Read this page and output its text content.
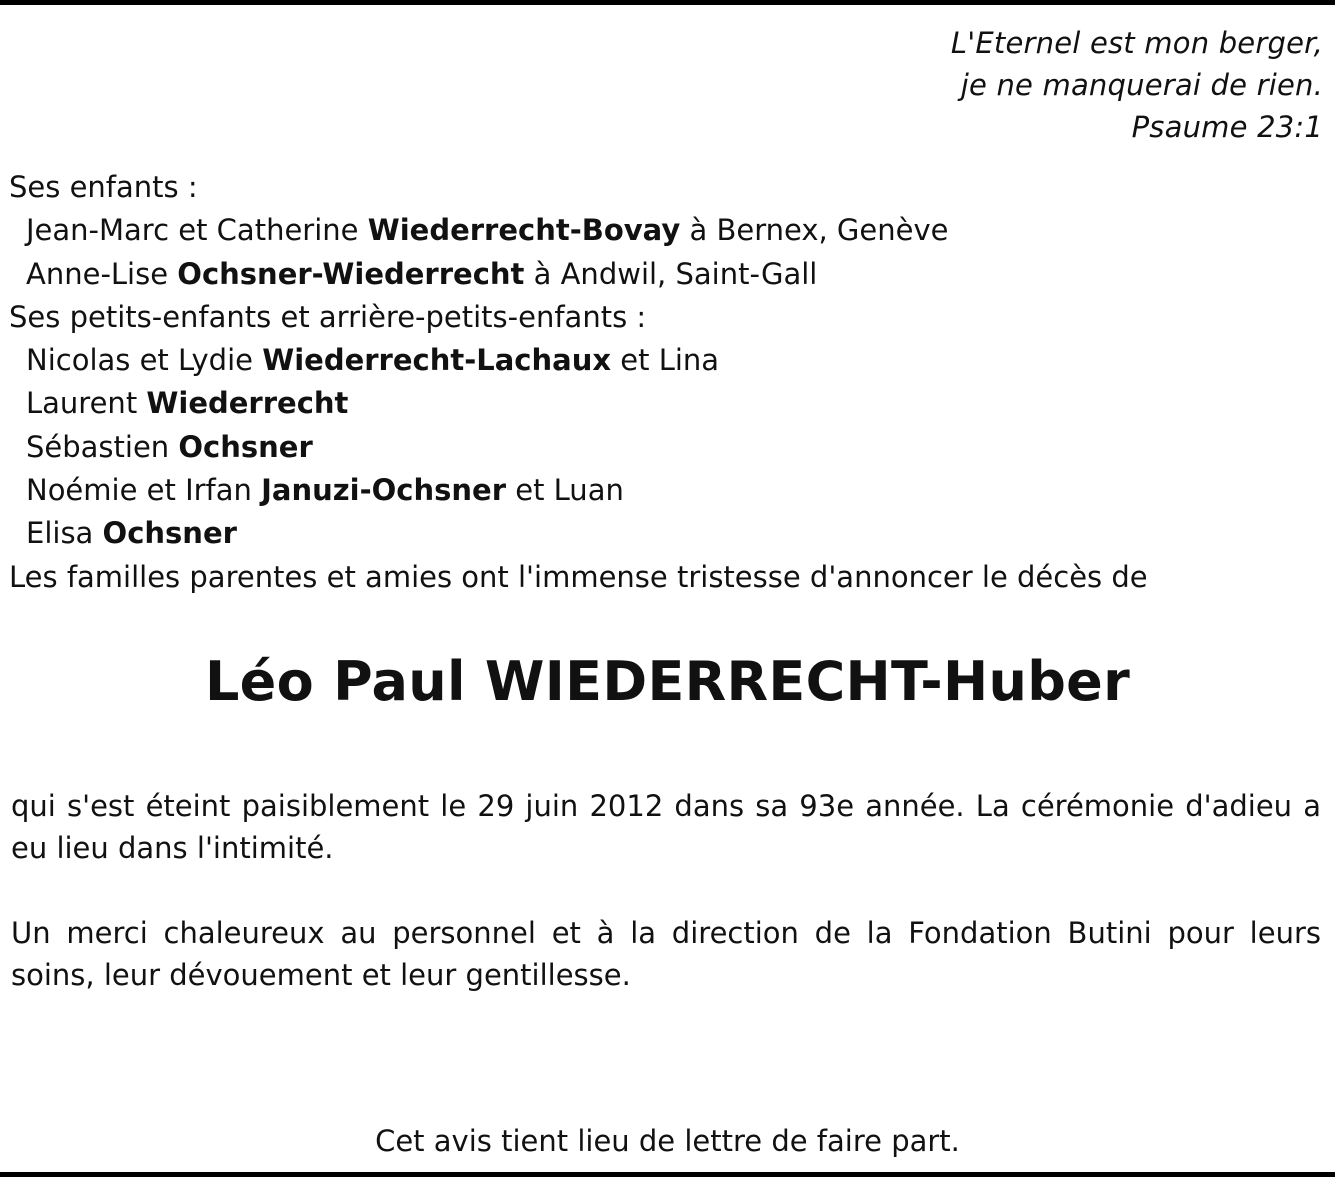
L'Eternel est mon berger,
je ne manquerai de rien.
Psaume 23:1
Ses enfants :
Jean-Marc et Catherine Wiederrecht-Bovay à Bernex, Genève
Anne-Lise Ochsner-Wiederrecht à Andwil, Saint-Gall
Ses petits-enfants et arrière-petits-enfants :
Nicolas et Lydie Wiederrecht-Lachaux et Lina
Laurent Wiederrecht
Sébastien Ochsner
Noémie et Irfan Januzi-Ochsner et Luan
Elisa Ochsner
Les familles parentes et amies ont l'immense tristesse d'annoncer le décès de
Léo Paul WIEDERRECHT-Huber
qui s'est éteint paisiblement le 29 juin 2012 dans sa 93e année. La cérémonie d'adieu a eu lieu dans l'intimité.
Un merci chaleureux au personnel et à la direction de la Fondation Butini pour leurs soins, leur dévouement et leur gentillesse.
Cet avis tient lieu de lettre de faire part.
